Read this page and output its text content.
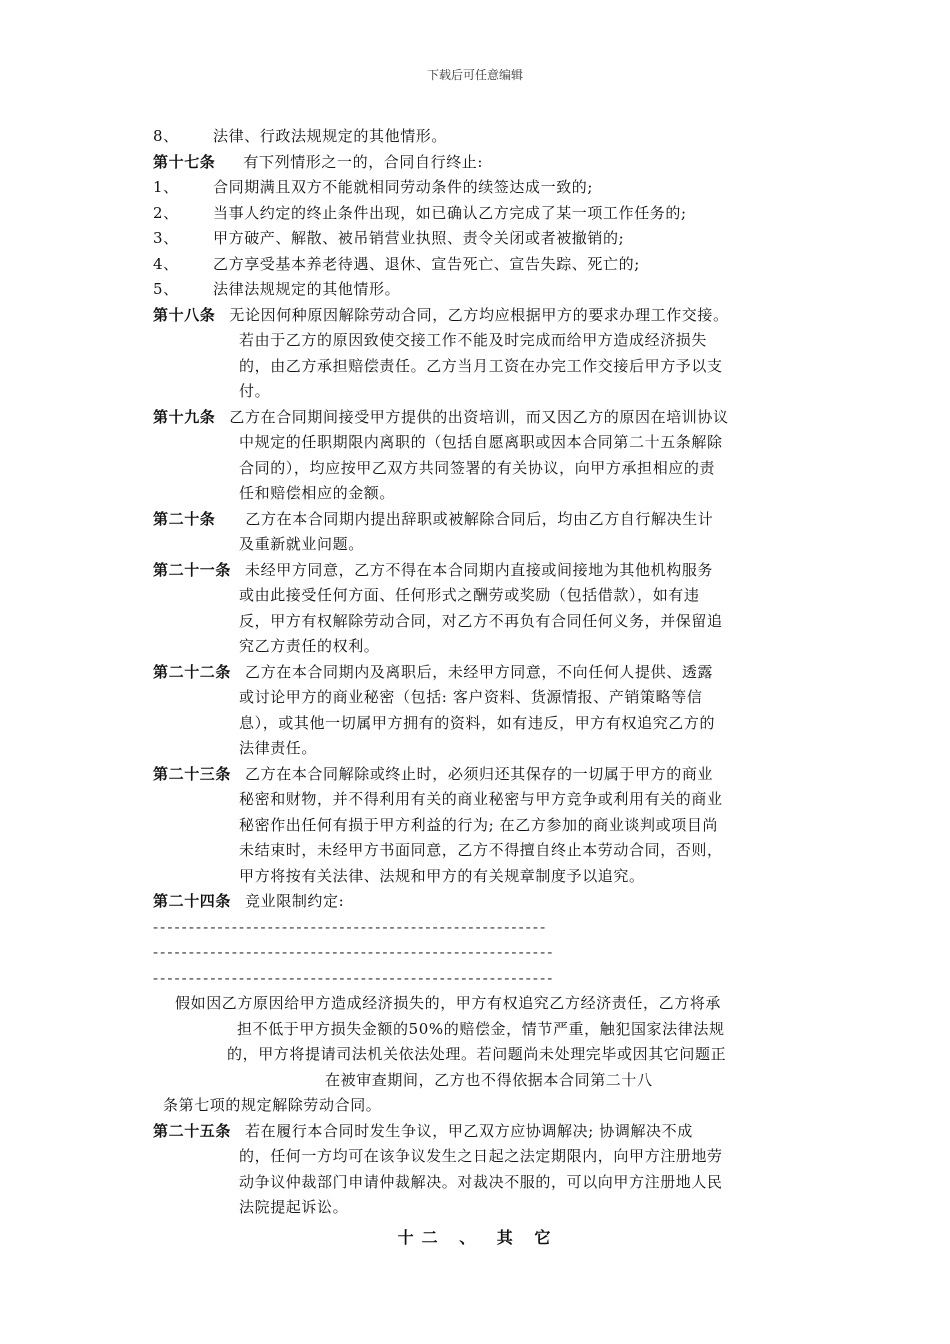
下载后可任意编辑
8、 法律、行政法规规定的其他情形。
第十七条 有下列情形之一的，合同自行终止:
1、 合同期满且双方不能就相同劳动条件的续签达成一致的;
2、 当事人约定的终止条件出现，如已确认乙方完成了某一项工作任务的;
3、 甲方破产、解散、被吊销营业执照、责令关闭或者被撤销的;
4、 乙方享受基本养老待遇、退休、宣告死亡、宣告失踪、死亡的;
5、 法律法规规定的其他情形。
第十八条 无论因何种原因解除劳动合同，乙方均应根据甲方的要求办理工作交接。
若由于乙方的原因致使交接工作不能及时完成而给甲方造成经济损失
的，由乙方承担赔偿责任。乙方当月工资在办完工作交接后甲方予以支
付。
第十九条 乙方在合同期间接受甲方提供的出资培训，而又因乙方的原因在培训协议
中规定的任职期限内离职的（包括自愿离职或因本合同第二十五条解除
合同的），均应按甲乙双方共同签署的有关协议，向甲方承担相应的责
任和赔偿相应的金额。
第二十条 乙方在本合同期内提出辞职或被解除合同后，均由乙方自行解决生计
及重新就业问题。
第二十一条 未经甲方同意，乙方不得在本合同期内直接或间接地为其他机构服务
或由此接受任何方面、任何形式之酬劳或奖励（包括借款），如有违
反，甲方有权解除劳动合同，对乙方不再负有合同任何义务，并保留追
究乙方责任的权利。
第二十二条 乙方在本合同期内及离职后，未经甲方同意，不向任何人提供、透露
或讨论甲方的商业秘密（包括: 客户资料、货源情报、产销策略等信
息），或其他一切属甲方拥有的资料，如有违反，甲方有权追究乙方的
法律责任。
第二十三条 乙方在本合同解除或终止时，必须归还其保存的一切属于甲方的商业
秘密和财物，并不得利用有关的商业秘密与甲方竞争或利用有关的商业
秘密作出任何有损于甲方利益的行为; 在乙方参加的商业谈判或项目尚
未结束时，未经甲方书面同意，乙方不得擅自终止本劳动合同，否则，
甲方将按有关法律、法规和甲方的有关规章制度予以追究。
第二十四条 竞业限制约定:
-------------------------------------------------------
--------------------------------------------------------
--------------------------------------------------------
假如因乙方原因给甲方造成经济损失的，甲方有权追究乙方经济责任，乙方将承
担不低于甲方损失金额的50%的赔偿金，情节严重，触犯国家法律法规
的，甲方将提请司法机关依法处理。若问题尚未处理完毕或因其它问题正
在被审查期间，乙方也不得依据本合同第二十八
条第七项的规定解除劳动合同。
第二十五条 若在履行本合同时发生争议，甲乙双方应协调解决; 协调解决不成
的，任何一方均可在该争议发生之日起之法定期限内，向甲方注册地劳
动争议仲裁部门申请仲裁解决。对裁决不服的，可以向甲方注册地人民
法院提起诉讼。
十二 、 其 它
